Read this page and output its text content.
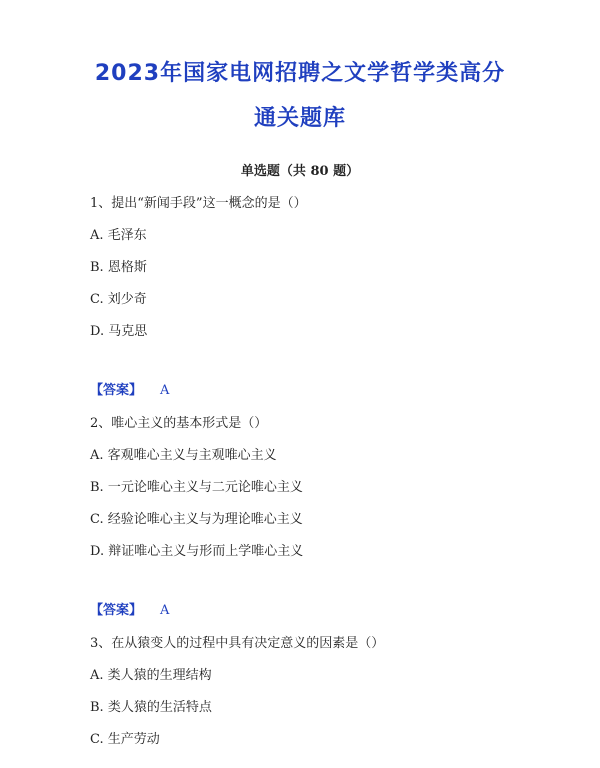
2023年国家电网招聘之文学哲学类高分
通关题库
单选题（共 80 题）
1、提出“新闻手段”这一概念的是（）
A. 毛泽东
B. 恩格斯
C. 刘少奇
D. 马克思
【答案】 A
2、唯心主义的基本形式是（）
A. 客观唯心主义与主观唯心主义
B. 一元论唯心主义与二元论唯心主义
C. 经验论唯心主义与为理论唯心主义
D. 辩证唯心主义与形而上学唯心主义
【答案】 A
3、在从猿变人的过程中具有决定意义的因素是（）
A. 类人猿的生理结构
B. 类人猿的生活特点
C. 生产劳动
